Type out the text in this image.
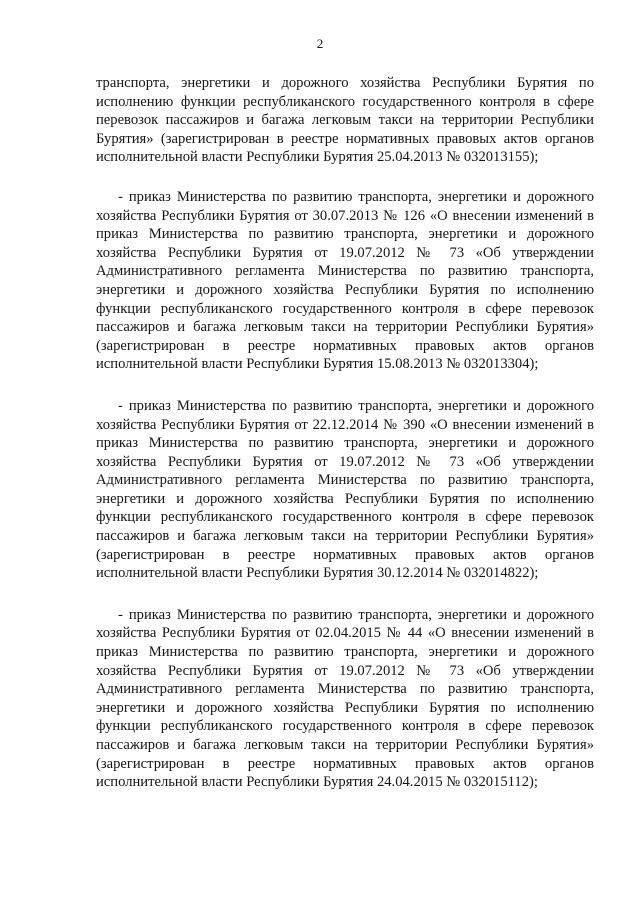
2

транспорта, энергетики и дорожного хозяйства Республики Бурятия по исполнению функции республиканского государственного контроля в сфере перевозок пассажиров и багажа легковым такси на территории Республики Бурятия» (зарегистрирован в реестре нормативных правовых актов органов исполнительной власти Республики Бурятия 25.04.2013 № 032013155);

- приказ Министерства по развитию транспорта, энергетики и дорожного хозяйства Республики Бурятия от 30.07.2013 № 126 «О внесении изменений в приказ Министерства по развитию транспорта, энергетики и дорожного хозяйства Республики Бурятия от 19.07.2012 № 73 «Об утверждении Административного регламента Министерства по развитию транспорта, энергетики и дорожного хозяйства Республики Бурятия по исполнению функции республиканского государственного контроля в сфере перевозок пассажиров и багажа легковым такси на территории Республики Бурятия» (зарегистрирован в реестре нормативных правовых актов органов исполнительной власти Республики Бурятия 15.08.2013 № 032013304);

- приказ Министерства по развитию транспорта, энергетики и дорожного хозяйства Республики Бурятия от 22.12.2014 № 390 «О внесении изменений в приказ Министерства по развитию транспорта, энергетики и дорожного хозяйства Республики Бурятия от 19.07.2012 № 73 «Об утверждении Административного регламента Министерства по развитию транспорта, энергетики и дорожного хозяйства Республики Бурятия по исполнению функции республиканского государственного контроля в сфере перевозок пассажиров и багажа легковым такси на территории Республики Бурятия» (зарегистрирован в реестре нормативных правовых актов органов исполнительной власти Республики Бурятия 30.12.2014 № 032014822);

- приказ Министерства по развитию транспорта, энергетики и дорожного хозяйства Республики Бурятия от 02.04.2015 № 44 «О внесении изменений в приказ Министерства по развитию транспорта, энергетики и дорожного хозяйства Республики Бурятия от 19.07.2012 № 73 «Об утверждении Административного регламента Министерства по развитию транспорта, энергетики и дорожного хозяйства Республики Бурятия по исполнению функции республиканского государственного контроля в сфере перевозок пассажиров и багажа легковым такси на территории Республики Бурятия» (зарегистрирован в реестре нормативных правовых актов органов исполнительной власти Республики Бурятия 24.04.2015 № 032015112);
